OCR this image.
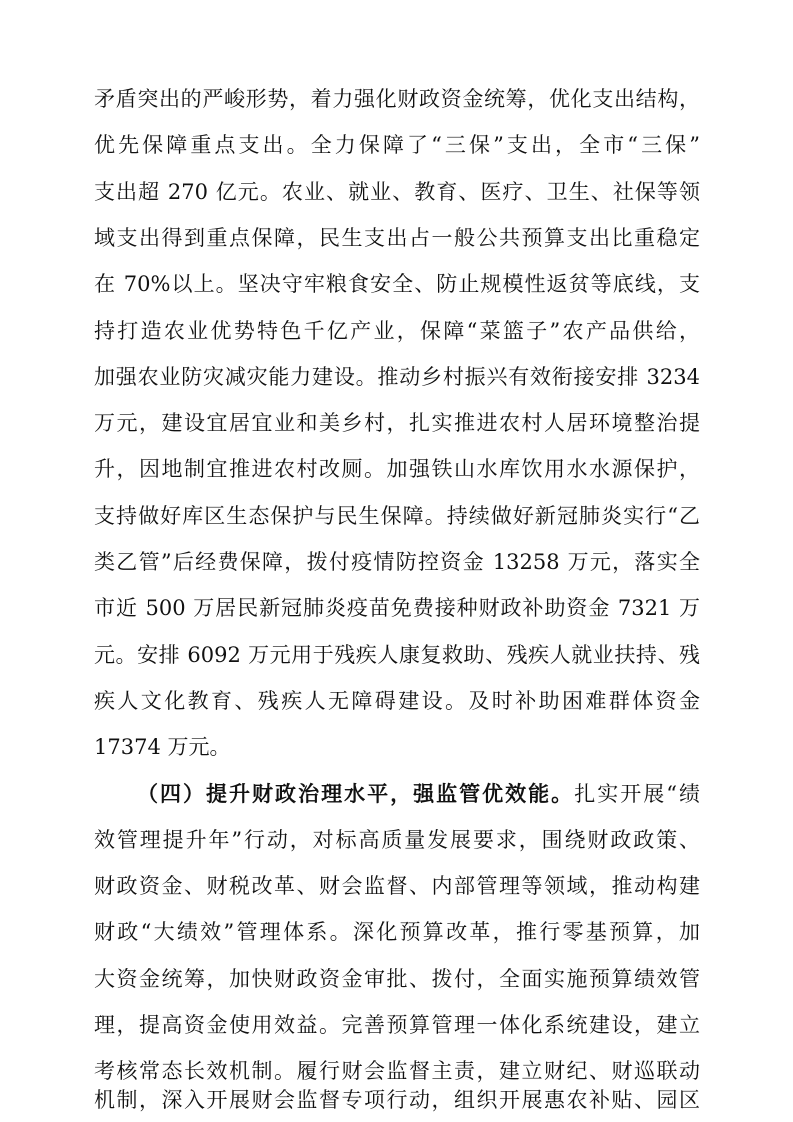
矛盾突出的严峻形势，着力强化财政资金统筹，优化支出结构，
优先保障重点支出。全力保障了“三保”支出，全市“三保”
支出超 270 亿元。农业、就业、教育、医疗、卫生、社保等领
域支出得到重点保障，民生支出占一般公共预算支出比重稳定
在 70%以上。坚决守牢粮食安全、防止规模性返贫等底线，支
持打造农业优势特色千亿产业，保障“菜篮子”农产品供给，
加强农业防灾减灾能力建设。推动乡村振兴有效衔接安排 3234
万元，建设宜居宜业和美乡村，扎实推进农村人居环境整治提
升，因地制宜推进农村改厕。加强铁山水库饮用水水源保护，
支持做好库区生态保护与民生保障。持续做好新冠肺炎实行“乙
类乙管”后经费保障，拨付疫情防控资金 13258 万元，落实全
市近 500 万居民新冠肺炎疫苗免费接种财政补助资金 7321 万
元。安排 6092 万元用于残疾人康复救助、残疾人就业扶持、残
疾人文化教育、残疾人无障碍建设。及时补助困难群体资金
17374 万元。
（四）提升财政治理水平，强监管优效能。扎实开展“绩
效管理提升年”行动，对标高质量发展要求，围绕财政政策、
财政资金、财税改革、财会监督、内部管理等领域，推动构建
财政“大绩效”管理体系。深化预算改革，推行零基预算，加
大资金统筹，加快财政资金审批、拨付，全面实施预算绩效管
理，提高资金使用效益。完善预算管理一体化系统建设，建立
考核常态长效机制。履行财会监督主责，建立财纪、财巡联动
机制，深入开展财会监督专项行动，组织开展惠农补贴、园区
